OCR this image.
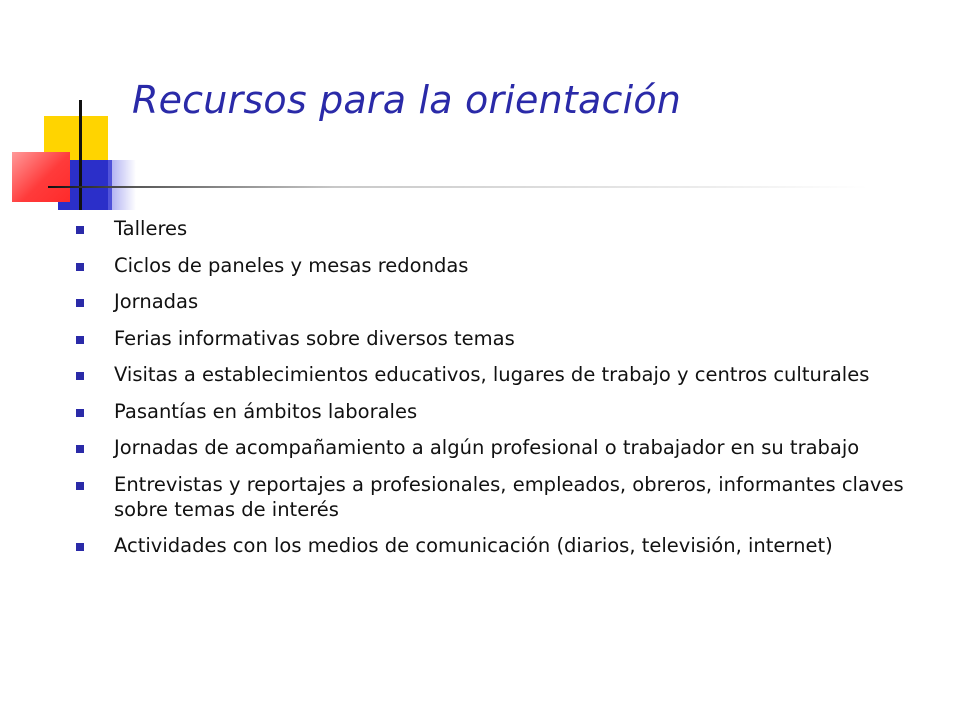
Recursos para la orientación
Talleres
Ciclos de paneles y mesas redondas
Jornadas
Ferias informativas sobre diversos temas
Visitas a establecimientos educativos, lugares de trabajo y centros culturales
Pasantías en ámbitos laborales
Jornadas de acompañamiento a algún profesional o trabajador en su trabajo
Entrevistas y reportajes a profesionales, empleados, obreros, informantes claves sobre temas de interés
Actividades con los medios de comunicación (diarios, televisión, internet)
